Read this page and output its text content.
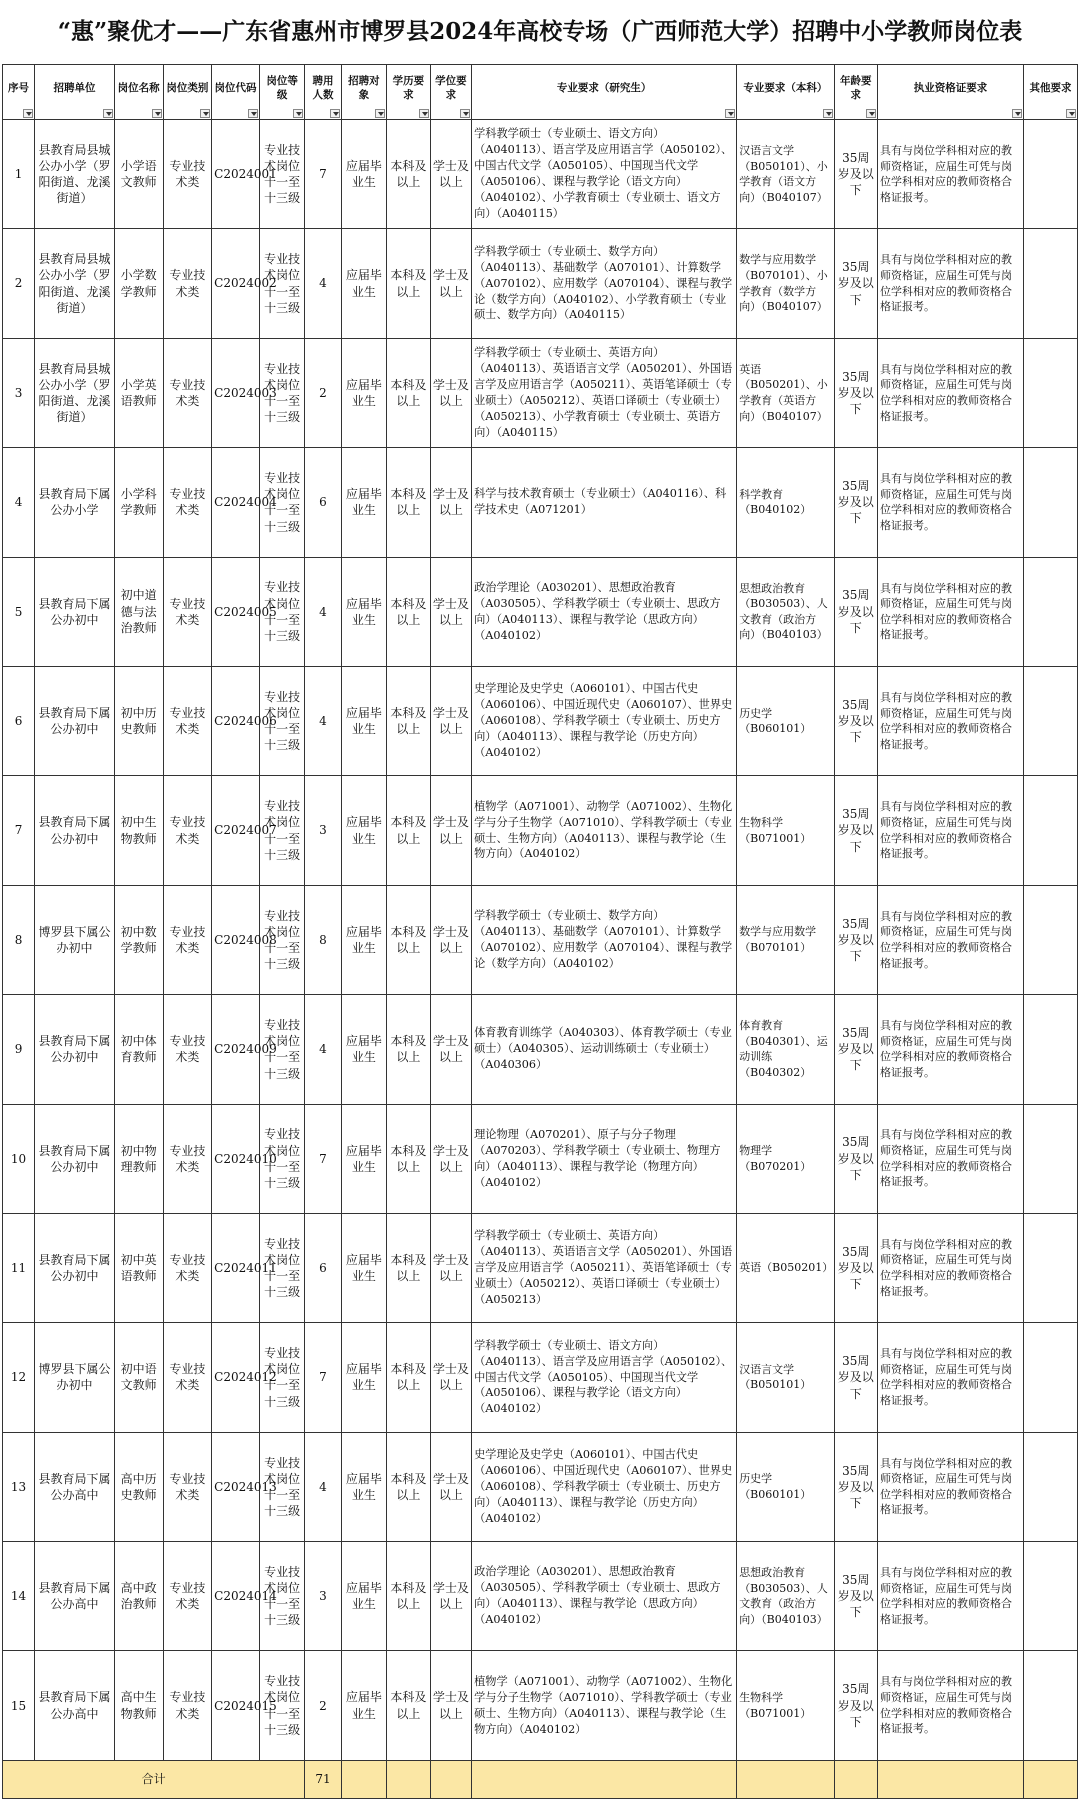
“惠”聚优才——广东省惠州市博罗县2024年高校专场（广西师范大学）招聘中小学教师岗位表
序号	招聘单位	岗位名称	岗位类别	岗位代码	岗位等级	聘用人数	招聘对象	学历要求	学位要求	专业要求（研究生）	专业要求（本科）	年龄要求	执业资格证要求	其他要求

1	县教育局县城公办小学（罗阳街道、龙溪街道）	小学语文教师	专业技术类	C2024001	专业技术岗位十一至十三级	7	应届毕业生	本科及以上	学士及以上	学科教学硕士（专业硕士、语文方向）（A040113）、语言学及应用语言学（A050102）、中国古代文学（A050105）、中国现当代文学（A050106）、课程与教学论（语文方向）（A040102）、小学教育硕士（专业硕士、语文方向）（A040115）	汉语言文学（B050101）、小学教育（语文方向）（B040107）	35周岁及以下	具有与岗位学科相对应的教师资格证，应届生可凭与岗位学科相对应的教师资格合格证报考。	
2	县教育局县城公办小学（罗阳街道、龙溪街道）	小学数学教师	专业技术类	C2024002	专业技术岗位十一至十三级	4	应届毕业生	本科及以上	学士及以上	学科教学硕士（专业硕士、数学方向）（A040113）、基础数学（A070101）、计算数学（A070102）、应用数学（A070104）、课程与教学论（数学方向）（A040102）、小学教育硕士（专业硕士、数学方向）（A040115）	数学与应用数学（B070101）、小学教育（数学方向）（B040107）	35周岁及以下	具有与岗位学科相对应的教师资格证，应届生可凭与岗位学科相对应的教师资格合格证报考。	
3	县教育局县城公办小学（罗阳街道、龙溪街道）	小学英语教师	专业技术类	C2024003	专业技术岗位十一至十三级	2	应届毕业生	本科及以上	学士及以上	学科教学硕士（专业硕士、英语方向）（A040113）、英语语言文学（A050201）、外国语言学及应用语言学（A050211）、英语笔译硕士（专业硕士）（A050212）、英语口译硕士（专业硕士）（A050213）、小学教育硕士（专业硕士、英语方向）（A040115）	英语（B050201）、小学教育（英语方向）（B040107）	35周岁及以下	具有与岗位学科相对应的教师资格证，应届生可凭与岗位学科相对应的教师资格合格证报考。	
4	县教育局下属公办小学	小学科学教师	专业技术类	C2024004	专业技术岗位十一至十三级	6	应届毕业生	本科及以上	学士及以上	科学与技术教育硕士（专业硕士）（A040116）、科学技术史（A071201）	科学教育（B040102）	35周岁及以下	具有与岗位学科相对应的教师资格证，应届生可凭与岗位学科相对应的教师资格合格证报考。	
5	县教育局下属公办初中	初中道德与法治教师	专业技术类	C2024005	专业技术岗位十一至十三级	4	应届毕业生	本科及以上	学士及以上	政治学理论（A030201）、思想政治教育（A030505）、学科教学硕士（专业硕士、思政方向）（A040113）、课程与教学论（思政方向）（A040102）	思想政治教育（B030503）、人文教育（政治方向）（B040103）	35周岁及以下	具有与岗位学科相对应的教师资格证，应届生可凭与岗位学科相对应的教师资格合格证报考。	
6	县教育局下属公办初中	初中历史教师	专业技术类	C2024006	专业技术岗位十一至十三级	4	应届毕业生	本科及以上	学士及以上	史学理论及史学史（A060101）、中国古代史（A060106）、中国近现代史（A060107）、世界史（A060108）、学科教学硕士（专业硕士、历史方向）（A040113）、课程与教学论（历史方向）（A040102）	历史学（B060101）	35周岁及以下	具有与岗位学科相对应的教师资格证，应届生可凭与岗位学科相对应的教师资格合格证报考。	
7	县教育局下属公办初中	初中生物教师	专业技术类	C2024007	专业技术岗位十一至十三级	3	应届毕业生	本科及以上	学士及以上	植物学（A071001）、动物学（A071002）、生物化学与分子生物学（A071010）、学科教学硕士（专业硕士、生物方向）（A040113）、课程与教学论（生物方向）（A040102）	生物科学（B071001）	35周岁及以下	具有与岗位学科相对应的教师资格证，应届生可凭与岗位学科相对应的教师资格合格证报考。	
8	博罗县下属公办初中	初中数学教师	专业技术类	C2024008	专业技术岗位十一至十三级	8	应届毕业生	本科及以上	学士及以上	学科教学硕士（专业硕士、数学方向）（A040113）、基础数学（A070101）、计算数学（A070102）、应用数学（A070104）、课程与教学论（数学方向）（A040102）	数学与应用数学（B070101）	35周岁及以下	具有与岗位学科相对应的教师资格证，应届生可凭与岗位学科相对应的教师资格合格证报考。	
9	县教育局下属公办初中	初中体育教师	专业技术类	C2024009	专业技术岗位十一至十三级	4	应届毕业生	本科及以上	学士及以上	体育教育训练学（A040303）、体育教学硕士（专业硕士）（A040305）、运动训练硕士（专业硕士）（A040306）	体育教育（B040301）、运动训练（B040302）	35周岁及以下	具有与岗位学科相对应的教师资格证，应届生可凭与岗位学科相对应的教师资格合格证报考。	
10	县教育局下属公办初中	初中物理教师	专业技术类	C2024010	专业技术岗位十一至十三级	7	应届毕业生	本科及以上	学士及以上	理论物理（A070201）、原子与分子物理（A070203）、学科教学硕士（专业硕士、物理方向）（A040113）、课程与教学论（物理方向）（A040102）	物理学（B070201）	35周岁及以下	具有与岗位学科相对应的教师资格证，应届生可凭与岗位学科相对应的教师资格合格证报考。	
11	县教育局下属公办初中	初中英语教师	专业技术类	C2024011	专业技术岗位十一至十三级	6	应届毕业生	本科及以上	学士及以上	学科教学硕士（专业硕士、英语方向）（A040113）、英语语言文学（A050201）、外国语言学及应用语言学（A050211）、英语笔译硕士（专业硕士）（A050212）、英语口译硕士（专业硕士）（A050213）	英语（B050201）	35周岁及以下	具有与岗位学科相对应的教师资格证，应届生可凭与岗位学科相对应的教师资格合格证报考。	
12	博罗县下属公办初中	初中语文教师	专业技术类	C2024012	专业技术岗位十一至十三级	7	应届毕业生	本科及以上	学士及以上	学科教学硕士（专业硕士、语文方向）（A040113）、语言学及应用语言学（A050102）、中国古代文学（A050105）、中国现当代文学（A050106）、课程与教学论（语文方向）（A040102）	汉语言文学（B050101）	35周岁及以下	具有与岗位学科相对应的教师资格证，应届生可凭与岗位学科相对应的教师资格合格证报考。	
13	县教育局下属公办高中	高中历史教师	专业技术类	C2024013	专业技术岗位十一至十三级	4	应届毕业生	本科及以上	学士及以上	史学理论及史学史（A060101）、中国古代史（A060106）、中国近现代史（A060107）、世界史（A060108）、学科教学硕士（专业硕士、历史方向）（A040113）、课程与教学论（历史方向）（A040102）	历史学（B060101）	35周岁及以下	具有与岗位学科相对应的教师资格证，应届生可凭与岗位学科相对应的教师资格合格证报考。	
14	县教育局下属公办高中	高中政治教师	专业技术类	C2024014	专业技术岗位十一至十三级	3	应届毕业生	本科及以上	学士及以上	政治学理论（A030201）、思想政治教育（A030505）、学科教学硕士（专业硕士、思政方向）（A040113）、课程与教学论（思政方向）（A040102）	思想政治教育（B030503）、人文教育（政治方向）（B040103）	35周岁及以下	具有与岗位学科相对应的教师资格证，应届生可凭与岗位学科相对应的教师资格合格证报考。	
15	县教育局下属公办高中	高中生物教师	专业技术类	C2024015	专业技术岗位十一至十三级	2	应届毕业生	本科及以上	学士及以上	植物学（A071001）、动物学（A071002）、生物化学与分子生物学（A071010）、学科教学硕士（专业硕士、生物方向）（A040113）、课程与教学论（生物方向）（A040102）	生物科学（B071001）	35周岁及以下	具有与岗位学科相对应的教师资格证，应届生可凭与岗位学科相对应的教师资格合格证报考。	
合计						71								
